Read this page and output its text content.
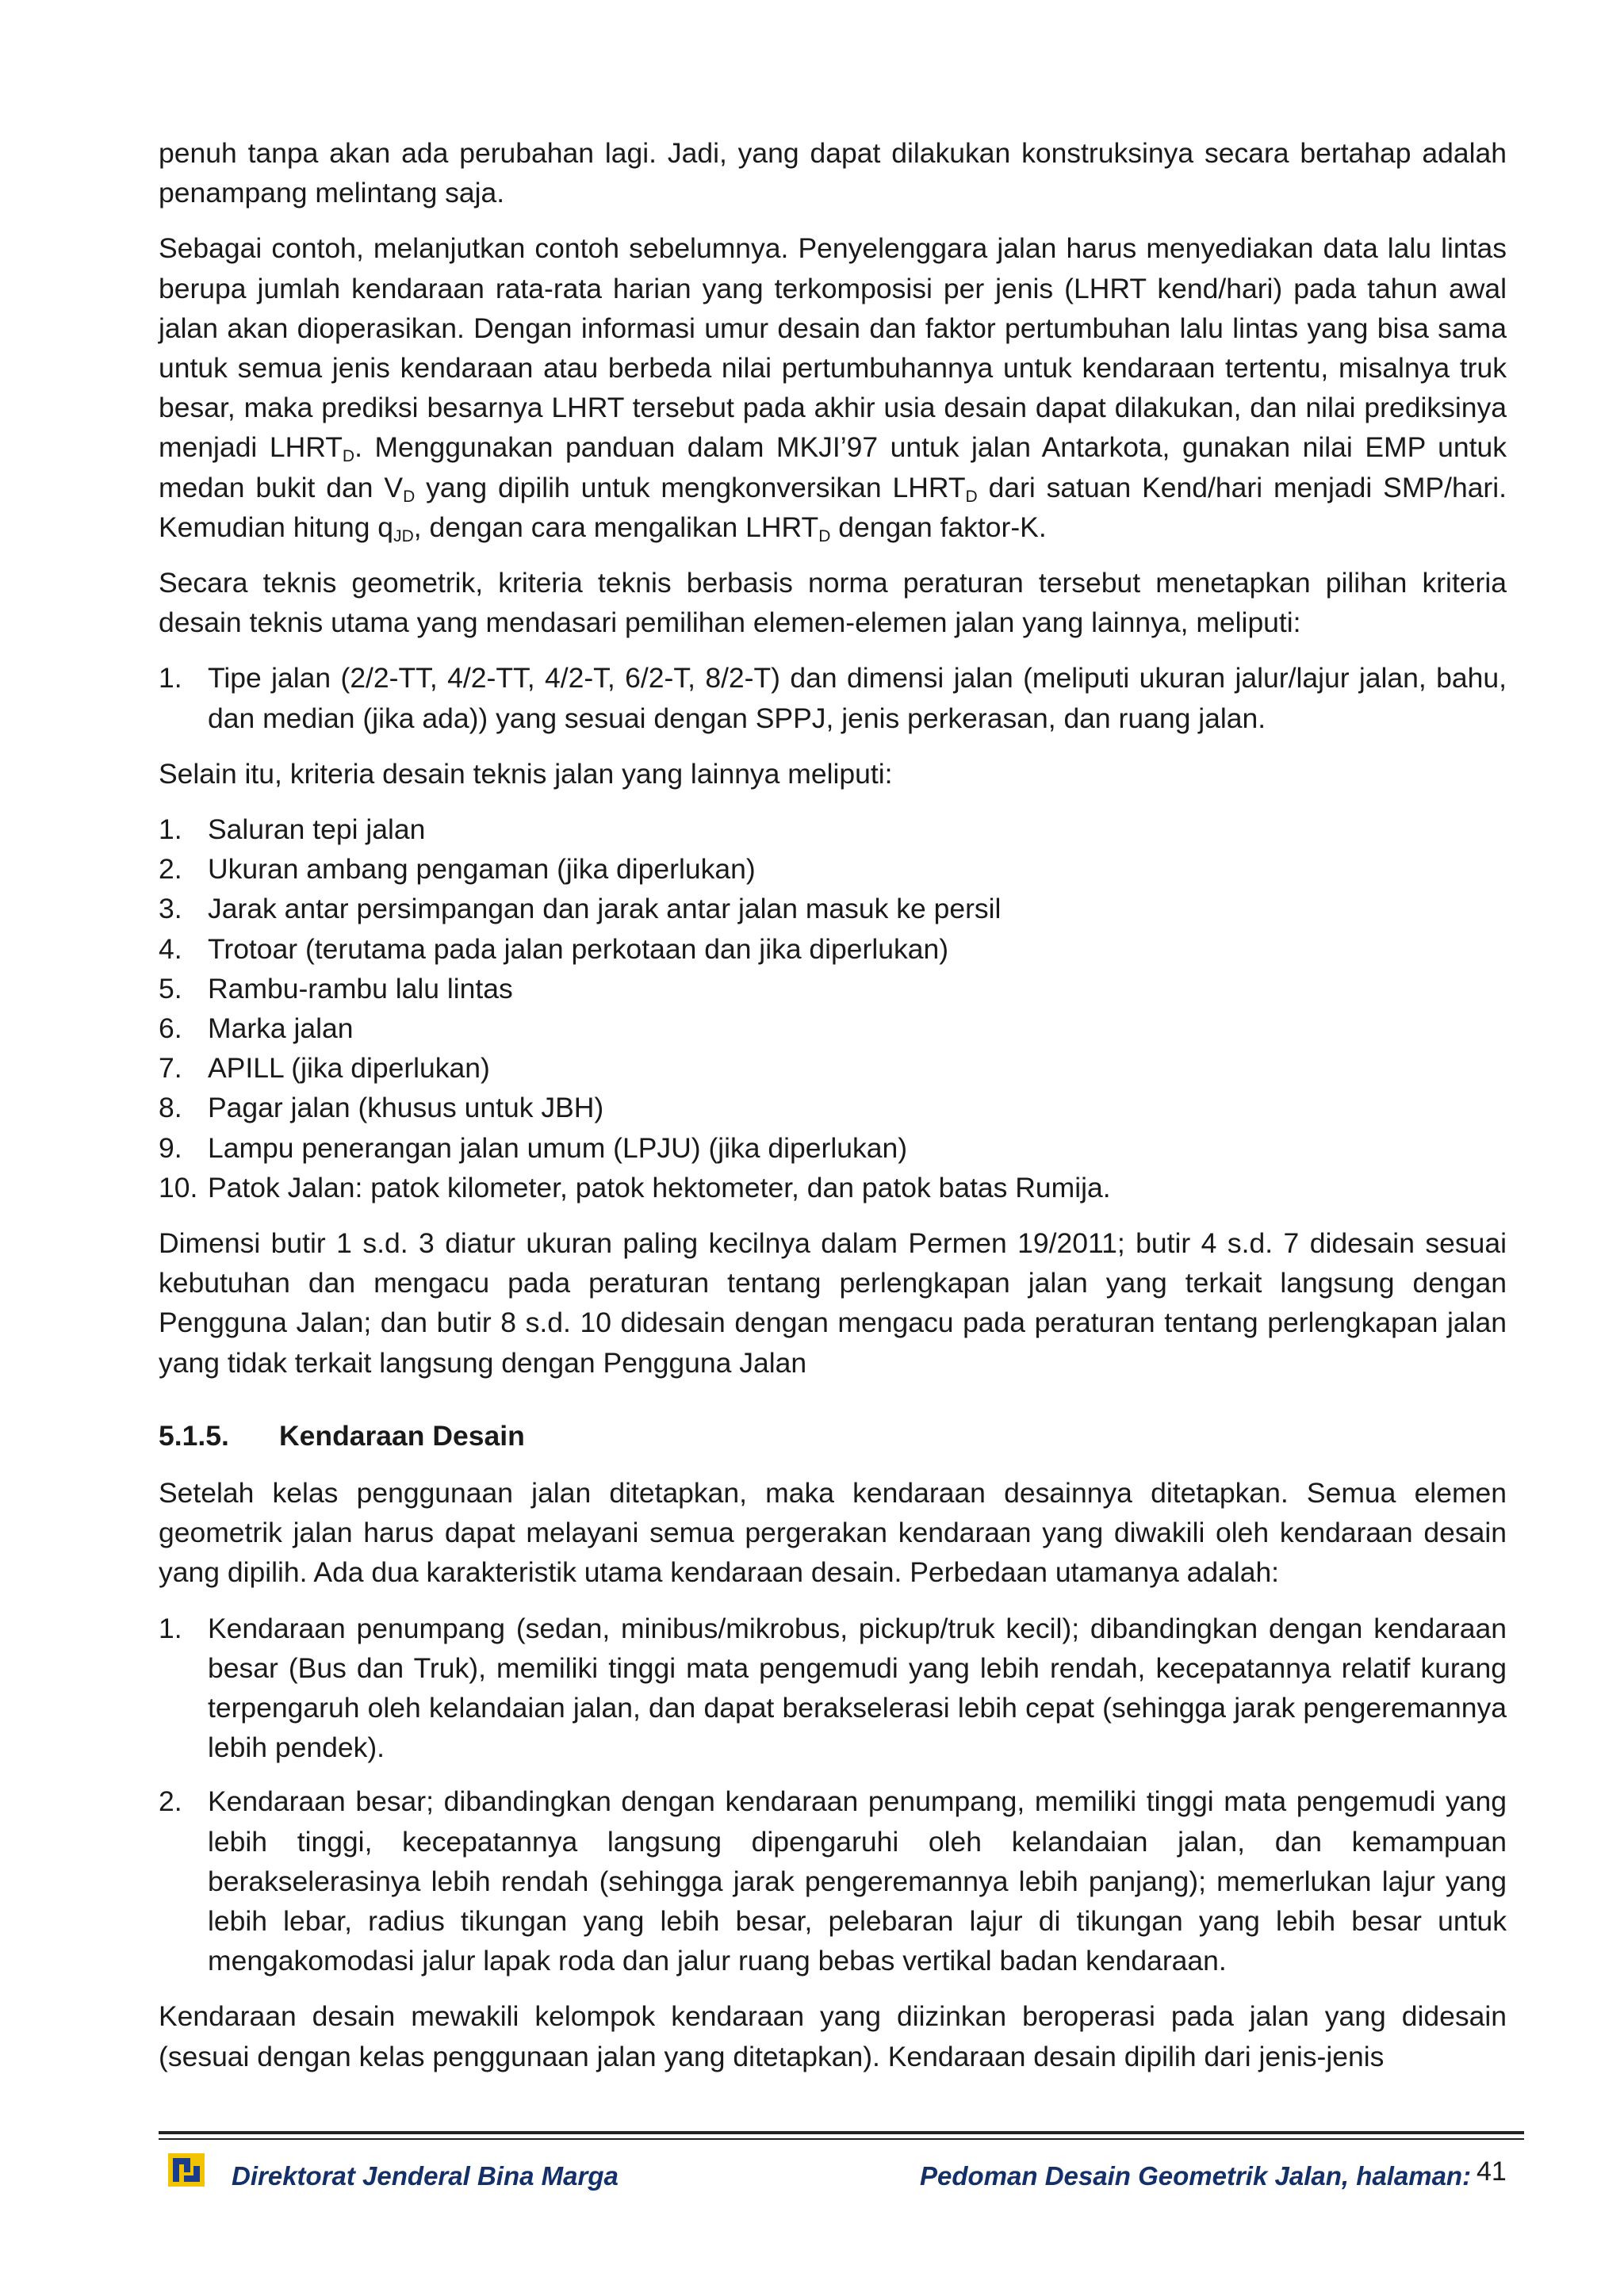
penuh tanpa akan ada perubahan lagi. Jadi, yang dapat dilakukan konstruksinya secara bertahap adalah penampang melintang saja.

Sebagai contoh, melanjutkan contoh sebelumnya. Penyelenggara jalan harus menyediakan data lalu lintas berupa jumlah kendaraan rata-rata harian yang terkomposisi per jenis (LHRT kend/hari) pada tahun awal jalan akan dioperasikan. Dengan informasi umur desain dan faktor pertumbuhan lalu lintas yang bisa sama untuk semua jenis kendaraan atau berbeda nilai pertumbuhannya untuk kendaraan tertentu, misalnya truk besar, maka prediksi besarnya LHRT tersebut pada akhir usia desain dapat dilakukan, dan nilai prediksinya menjadi $LHRT_D$. Menggunakan panduan dalam MKJI’97 untuk jalan Antarkota, gunakan nilai EMP untuk medan bukit dan $V_D$ yang dipilih untuk mengkonversikan $LHRT_D$ dari satuan Kend/hari menjadi SMP/hari. Kemudian hitung $q_{JD}$, dengan cara mengalikan $LHRT_D$ dengan faktor-K.

Secara teknis geometrik, kriteria teknis berbasis norma peraturan tersebut menetapkan pilihan kriteria desain teknis utama yang mendasari pemilihan elemen-elemen jalan yang lainnya, meliputi:

1. Tipe jalan (2/2-TT, 4/2-TT, 4/2-T, 6/2-T, 8/2-T) dan dimensi jalan (meliputi ukuran jalur/lajur jalan, bahu, dan median (jika ada)) yang sesuai dengan SPPJ, jenis perkerasan, dan ruang jalan.

Selain itu, kriteria desain teknis jalan yang lainnya meliputi:

1. Saluran tepi jalan
2. Ukuran ambang pengaman (jika diperlukan)
3. Jarak antar persimpangan dan jarak antar jalan masuk ke persil
4. Trotoar (terutama pada jalan perkotaan dan jika diperlukan)
5. Rambu-rambu lalu lintas
6. Marka jalan
7. APILL (jika diperlukan)
8. Pagar jalan (khusus untuk JBH)
9. Lampu penerangan jalan umum (LPJU) (jika diperlukan)
10. Patok Jalan: patok kilometer, patok hektometer, dan patok batas Rumija.

Dimensi butir 1 s.d. 3 diatur ukuran paling kecilnya dalam Permen 19/2011; butir 4 s.d. 7 didesain sesuai kebutuhan dan mengacu pada peraturan tentang perlengkapan jalan yang terkait langsung dengan Pengguna Jalan; dan butir 8 s.d. 10 didesain dengan mengacu pada peraturan tentang perlengkapan jalan yang tidak terkait langsung dengan Pengguna Jalan

5.1.5. Kendaraan Desain

Setelah kelas penggunaan jalan ditetapkan, maka kendaraan desainnya ditetapkan. Semua elemen geometrik jalan harus dapat melayani semua pergerakan kendaraan yang diwakili oleh kendaraan desain yang dipilih. Ada dua karakteristik utama kendaraan desain. Perbedaan utamanya adalah:

1. Kendaraan penumpang (sedan, minibus/mikrobus, pickup/truk kecil); dibandingkan dengan kendaraan besar (Bus dan Truk), memiliki tinggi mata pengemudi yang lebih rendah, kecepatannya relatif kurang terpengaruh oleh kelandaian jalan, dan dapat berakselerasi lebih cepat (sehingga jarak pengeremannya lebih pendek).
2. Kendaraan besar; dibandingkan dengan kendaraan penumpang, memiliki tinggi mata pengemudi yang lebih tinggi, kecepatannya langsung dipengaruhi oleh kelandaian jalan, dan kemampuan berakselerasinya lebih rendah (sehingga jarak pengeremannya lebih panjang); memerlukan lajur yang lebih lebar, radius tikungan yang lebih besar, pelebaran lajur di tikungan yang lebih besar untuk mengakomodasi jalur lapak roda dan jalur ruang bebas vertikal badan kendaraan.

Kendaraan desain mewakili kelompok kendaraan yang diizinkan beroperasi pada jalan yang didesain (sesuai dengan kelas penggunaan jalan yang ditetapkan). Kendaraan desain dipilih dari jenis-jenis

Direktorat Jenderal Bina Marga	Pedoman Desain Geometrik Jalan, halaman: 41
